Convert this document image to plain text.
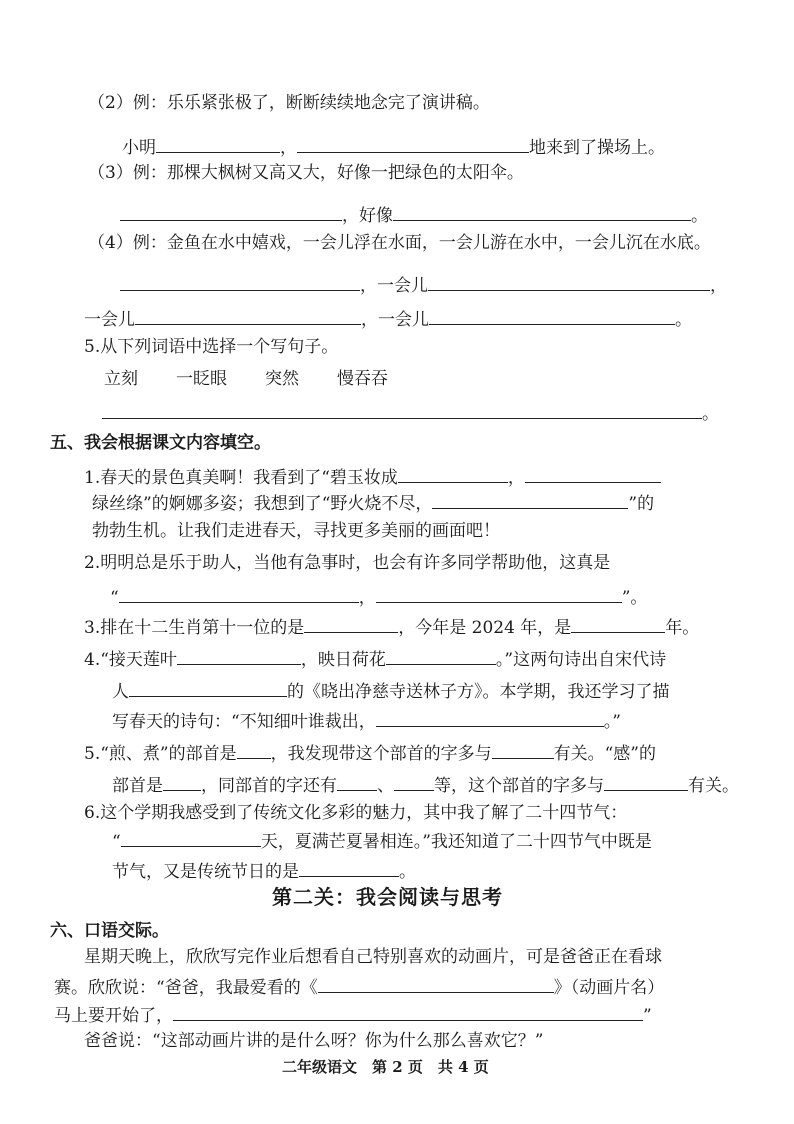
（2）例：乐乐紧张极了，断断续续地念完了演讲稿。
小明	，	地来到了操场上。
（3）例：那棵大枫树又高又大，好像一把绿色的太阳伞。
，好像	。
（4）例：金鱼在水中嬉戏，一会儿浮在水面，一会儿游在水中，一会儿沉在水底。
，一会儿	，
一会儿	，一会儿	。
5.从下列词语中选择一个写句子。
立刻 一眨眼 突然 慢吞吞
。
五、我会根据课文内容填空。
1.春天的景色真美啊！我看到了“碧玉妆成	，
绿丝绦”的婀娜多姿；我想到了“野火烧不尽，	”的
勃勃生机。让我们走进春天，寻找更多美丽的画面吧！
2.明明总是乐于助人，当他有急事时，也会有许多同学帮助他，这真是
“	，	”。
3.排在十二生肖第十一位的是	，今年是 2024 年，是	年。
4.“接天莲叶	，映日荷花	。”这两句诗出自宋代诗
人	的《晓出净慈寺送林子方》。本学期，我还学习了描
写春天的诗句：“不知细叶谁裁出，	。”
5.“煎、煮”的部首是 ，我发现带这个部首的字多与	有关。“感”的
部首是 ，同部首的字还有 、 等，这个部首的字多与	有关。
6.这个学期我感受到了传统文化多彩的魅力，其中我了解了二十四节气：
“	天，夏满芒夏暑相连。”我还知道了二十四节气中既是
节气，又是传统节日的是	。
第二关：我会阅读与思考
六、口语交际。
星期天晚上，欣欣写完作业后想看自己特别喜欢的动画片，可是爸爸正在看球
赛。欣欣说：“爸爸，我最爱看的《	》（动画片名）
马上要开始了，	”
爸爸说：“这部动画片讲的是什么呀？你为什么那么喜欢它？”
二年级语文　第 2 页　共 4 页
